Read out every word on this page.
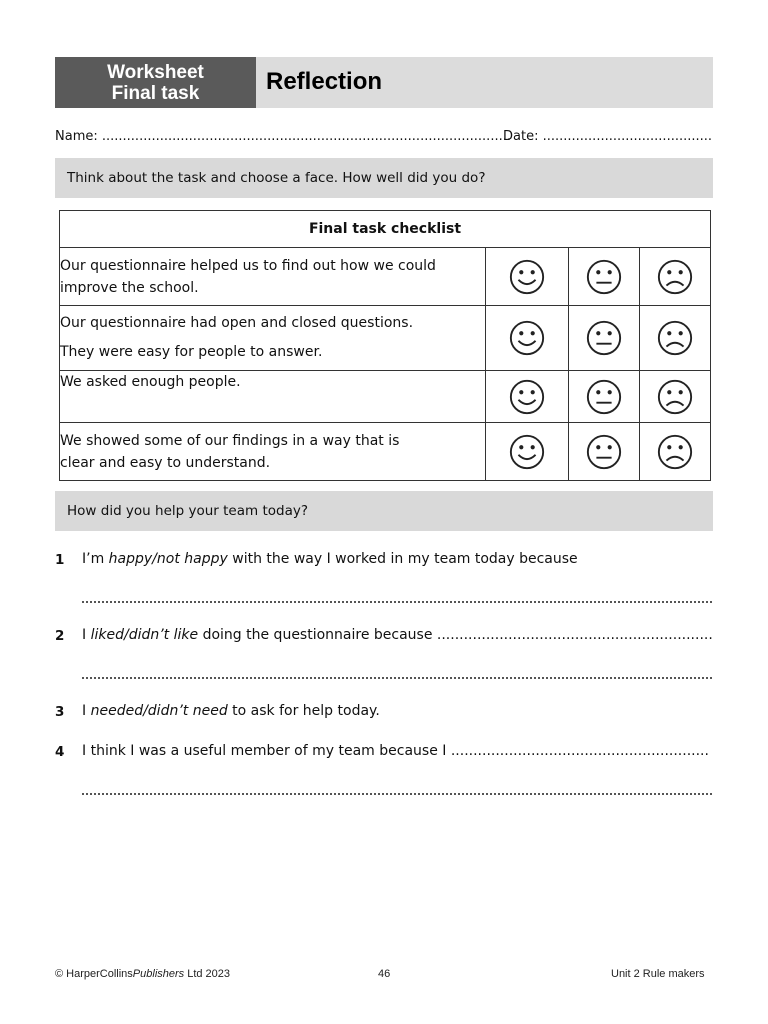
Worksheet
Final task	Reflection
Name: ...................................................................................................
Date: .........................................
Think about the task and choose a face. How well did you do?
Final task checklist			

Our questionnaire helped us to find out how we could
improve the school.

Our questionnaire had open and closed questions.
They were easy for people to answer.

We asked enough people.

We showed some of our findings in a way that is
clear and easy to understand.

How did you help your team today?
1 I’m happy/not happy with the way I worked in my team today because
2 I liked/didn’t like doing the questionnaire because ..............................................................
3 I needed/didn’t need to ask for help today.
4 I think I was a useful member of my team because I ..........................................................
© HarperCollinsPublishers Ltd 2023	46	Unit 2 Rule makers
